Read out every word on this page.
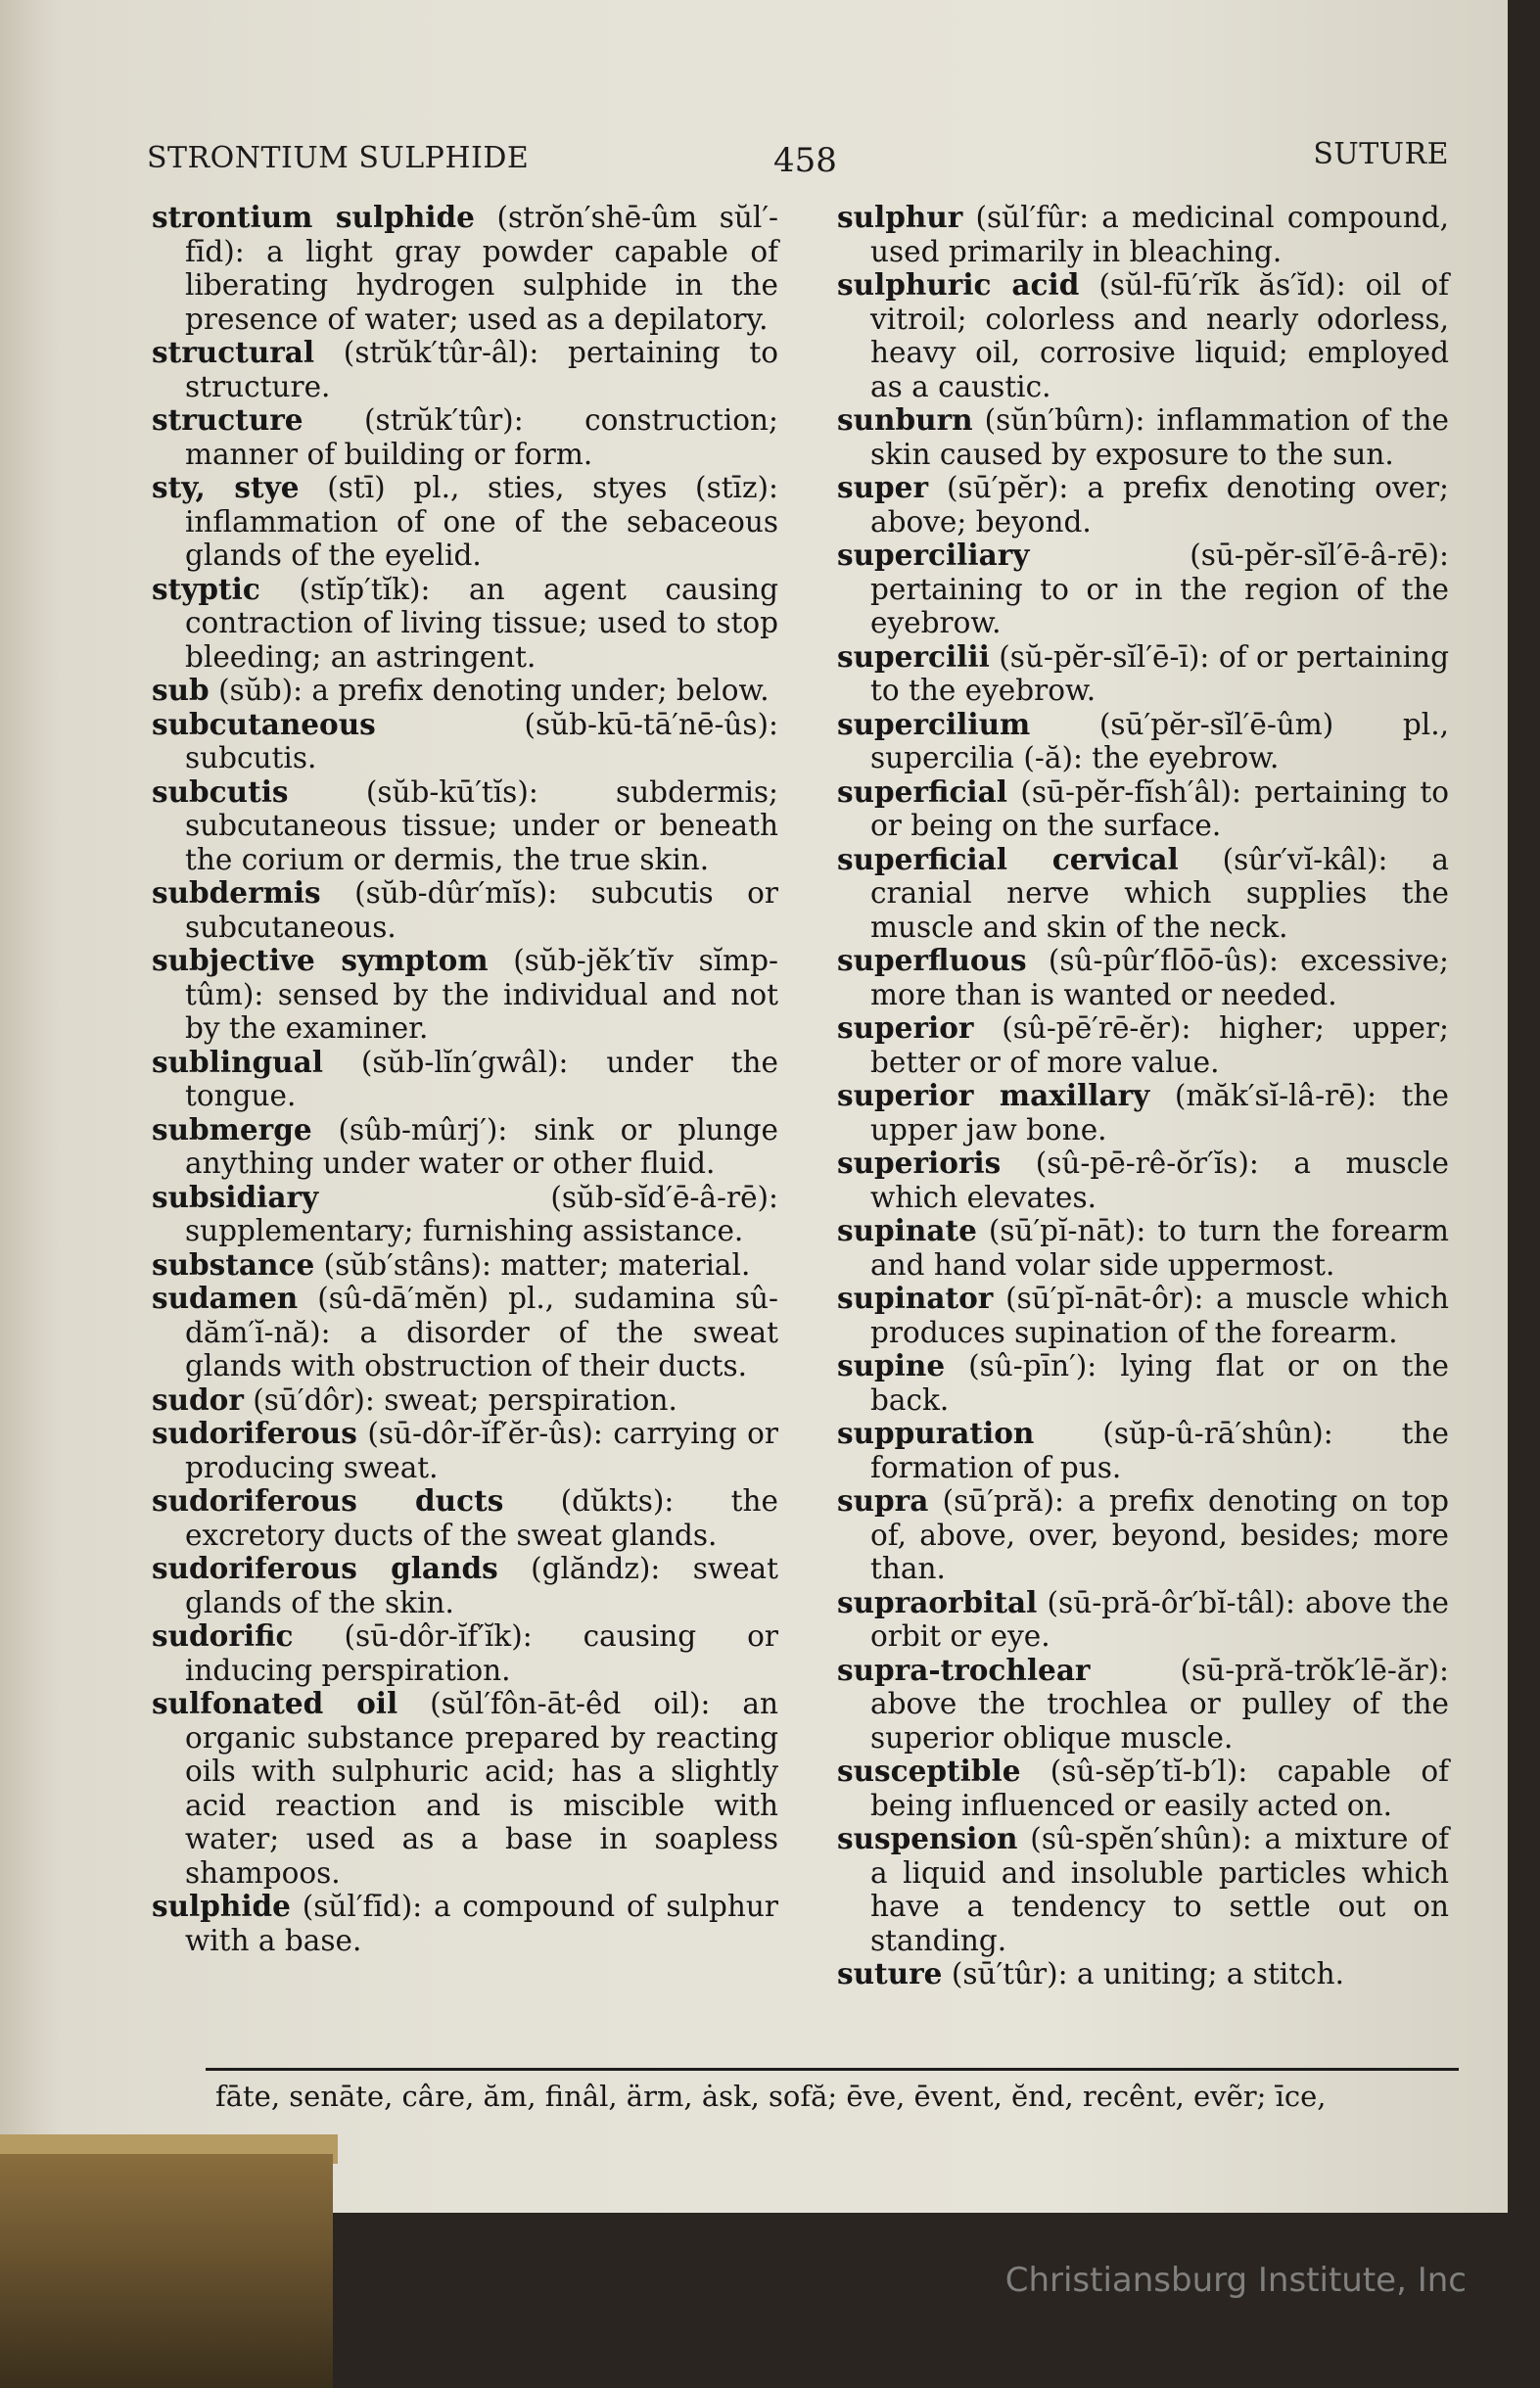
STRONTIUM SULPHIDE	458	SUTURE

strontium sulphide (strŏn′shē-ûm sŭl′-fīd): a light gray powder capable of liberating hydrogen sulphide in the presence of water; used as a depilatory.

structural (strŭk′tûr-âl): pertaining to structure.

structure (strŭk′tûr): construction; manner of building or form.

sty, stye (stī) pl., sties, styes (stīz): inflammation of one of the sebaceous glands of the eyelid.

styptic (stĭp′tĭk): an agent causing contraction of living tissue; used to stop bleeding; an astringent.

sub (sŭb): a prefix denoting under; below.

subcutaneous (sŭb-kū-tā′nē-ûs): subcutis.

subcutis (sŭb-kū′tĭs): subdermis; subcutaneous tissue; under or beneath the corium or dermis, the true skin.

subdermis (sŭb-dûr′mĭs): subcutis or subcutaneous.

subjective symptom (sŭb-jĕk′tĭv sĭmp-tûm): sensed by the individual and not by the examiner.

sublingual (sŭb-lĭn′gwâl): under the tongue.

submerge (sûb-mûrj′): sink or plunge anything under water or other fluid.

subsidiary (sŭb-sĭd′ē-â-rē): supplementary; furnishing assistance.

substance (sŭb′stâns): matter; material.

sudamen (sû-dā′mĕn) pl., sudamina sû-dăm′ĭ-nă): a disorder of the sweat glands with obstruction of their ducts.

sudor (sū′dôr): sweat; perspiration.

sudoriferous (sū-dôr-ĭf′ĕr-ûs): carrying or producing sweat.

sudoriferous ducts (dŭkts): the excretory ducts of the sweat glands.

sudoriferous glands (glăndz): sweat glands of the skin.

sudorific (sū-dôr-ĭf′ĭk): causing or inducing perspiration.

sulfonated oil (sŭl′fôn-āt-êd oil): an organic substance prepared by reacting oils with sulphuric acid; has a slightly acid reaction and is miscible with water; used as a base in soapless shampoos.

sulphide (sŭl′fīd): a compound of sulphur with a base.

sulphur (sŭl′fûr: a medicinal compound, used primarily in bleaching.

sulphuric acid (sŭl-fū′rĭk ăs′ĭd): oil of vitroil; colorless and nearly odorless, heavy oil, corrosive liquid; employed as a caustic.

sunburn (sŭn′bûrn): inflammation of the skin caused by exposure to the sun.

super (sū′pĕr): a prefix denoting over; above; beyond.

superciliary (sū-pĕr-sĭl′ē-â-rē): pertaining to or in the region of the eyebrow.

supercilii (sŭ-pĕr-sĭl′ē-ī): of or pertaining to the eyebrow.

supercilium (sū′pĕr-sĭl′ē-ûm) pl., supercilia (-ă): the eyebrow.

superficial (sū-pĕr-fĭsh′âl): pertaining to or being on the surface.

superficial cervical (sûr′vĭ-kâl): a cranial nerve which supplies the muscle and skin of the neck.

superfluous (sû-pûr′flōō-ûs): excessive; more than is wanted or needed.

superior (sû-pē′rē-ĕr): higher; upper; better or of more value.

superior maxillary (măk′sĭ-lâ-rē): the upper jaw bone.

superioris (sû-pē-rê-ŏr′ĭs): a muscle which elevates.

supinate (sū′pĭ-nāt): to turn the forearm and hand volar side uppermost.

supinator (sū′pĭ-nāt-ôr): a muscle which produces supination of the forearm.

supine (sû-pīn′): lying flat or on the back.

suppuration (sŭp-û-rā′shûn): the formation of pus.

supra (sū′pră): a prefix denoting on top of, above, over, beyond, besides; more than.

supraorbital (sū-pră-ôr′bĭ-tâl): above the orbit or eye.

supra-trochlear (sū-pră-trŏk′lē-ăr): above the trochlea or pulley of the superior oblique muscle.

susceptible (sû-sĕp′tĭ-b′l): capable of being influenced or easily acted on.

suspension (sû-spĕn′shûn): a mixture of a liquid and insoluble particles which have a tendency to settle out on standing.

suture (sū′tûr): a uniting; a stitch.

fāte, senāte, câre, ăm, finâl, ärm, ȧsk, sofă; ēve, ēvent, ĕnd, recênt, evẽr; īce,
Christiansburg Institute, Inc
